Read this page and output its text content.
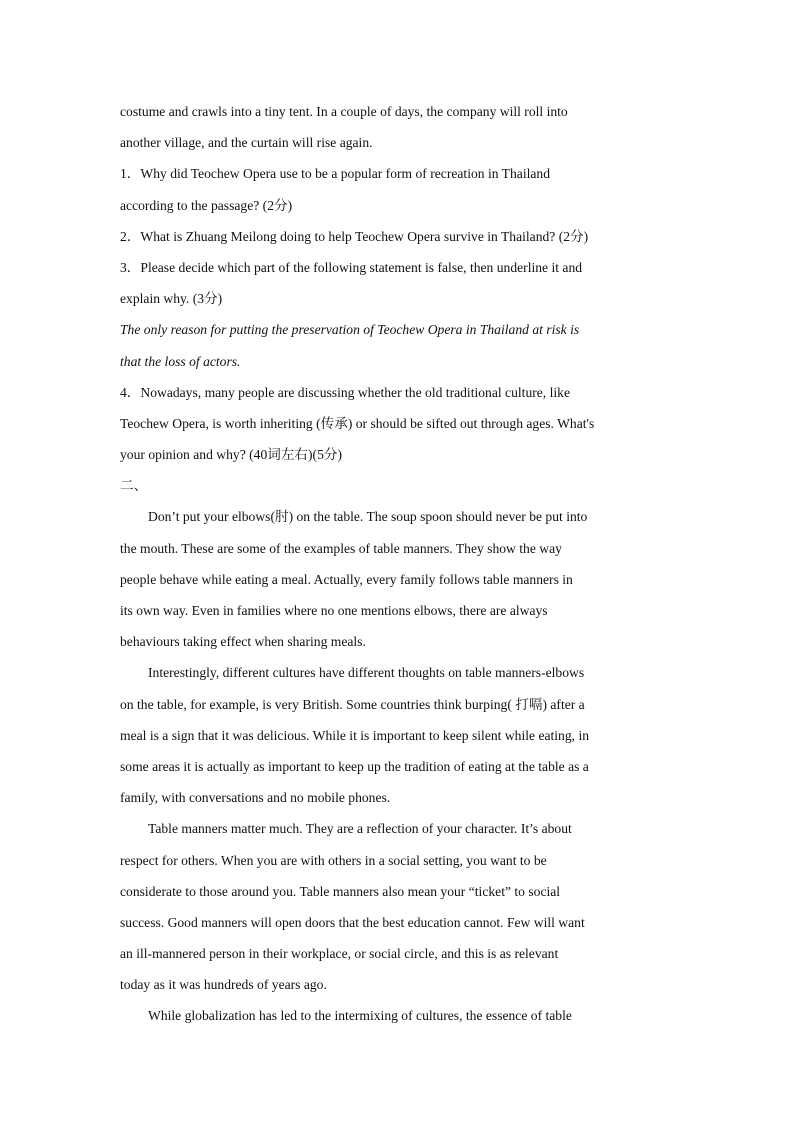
costume and crawls into a tiny tent. In a couple of days, the company will roll into
another village, and the curtain will rise again.
1．Why did Teochew Opera use to be a popular form of recreation in Thailand
according to the passage? (2分)
2．What is Zhuang Meilong doing to help Teochew Opera survive in Thailand? (2分)
3．Please decide which part of the following statement is false, then underline it and
explain why. (3分)
The only reason for putting the preservation of Teochew Opera in Thailand at risk is
that the loss of actors.
4．Nowadays, many people are discussing whether the old traditional culture, like
Teochew Opera, is worth inheriting (传承) or should be sifted out through ages. What's
your opinion and why? (40词左右)(5分)
二、
Don’t put your elbows(肘) on the table. The soup spoon should never be put into
the mouth. These are some of the examples of table manners. They show the way
people behave while eating a meal. Actually, every family follows table manners in
its own way. Even in families where no one mentions elbows, there are always
behaviours taking effect when sharing meals.
Interestingly, different cultures have different thoughts on table manners-elbows
on the table, for example, is very British. Some countries think burping( 打嗝) after a
meal is a sign that it was delicious. While it is important to keep silent while eating, in
some areas it is actually as important to keep up the tradition of eating at the table as a
family, with conversations and no mobile phones.
Table manners matter much. They are a reflection of your character. It’s about
respect for others. When you are with others in a social setting, you want to be
considerate to those around you. Table manners also mean your “ticket” to social
success. Good manners will open doors that the best education cannot. Few will want
an ill-mannered person in their workplace, or social circle, and this is as relevant
today as it was hundreds of years ago.
While globalization has led to the intermixing of cultures, the essence of table
